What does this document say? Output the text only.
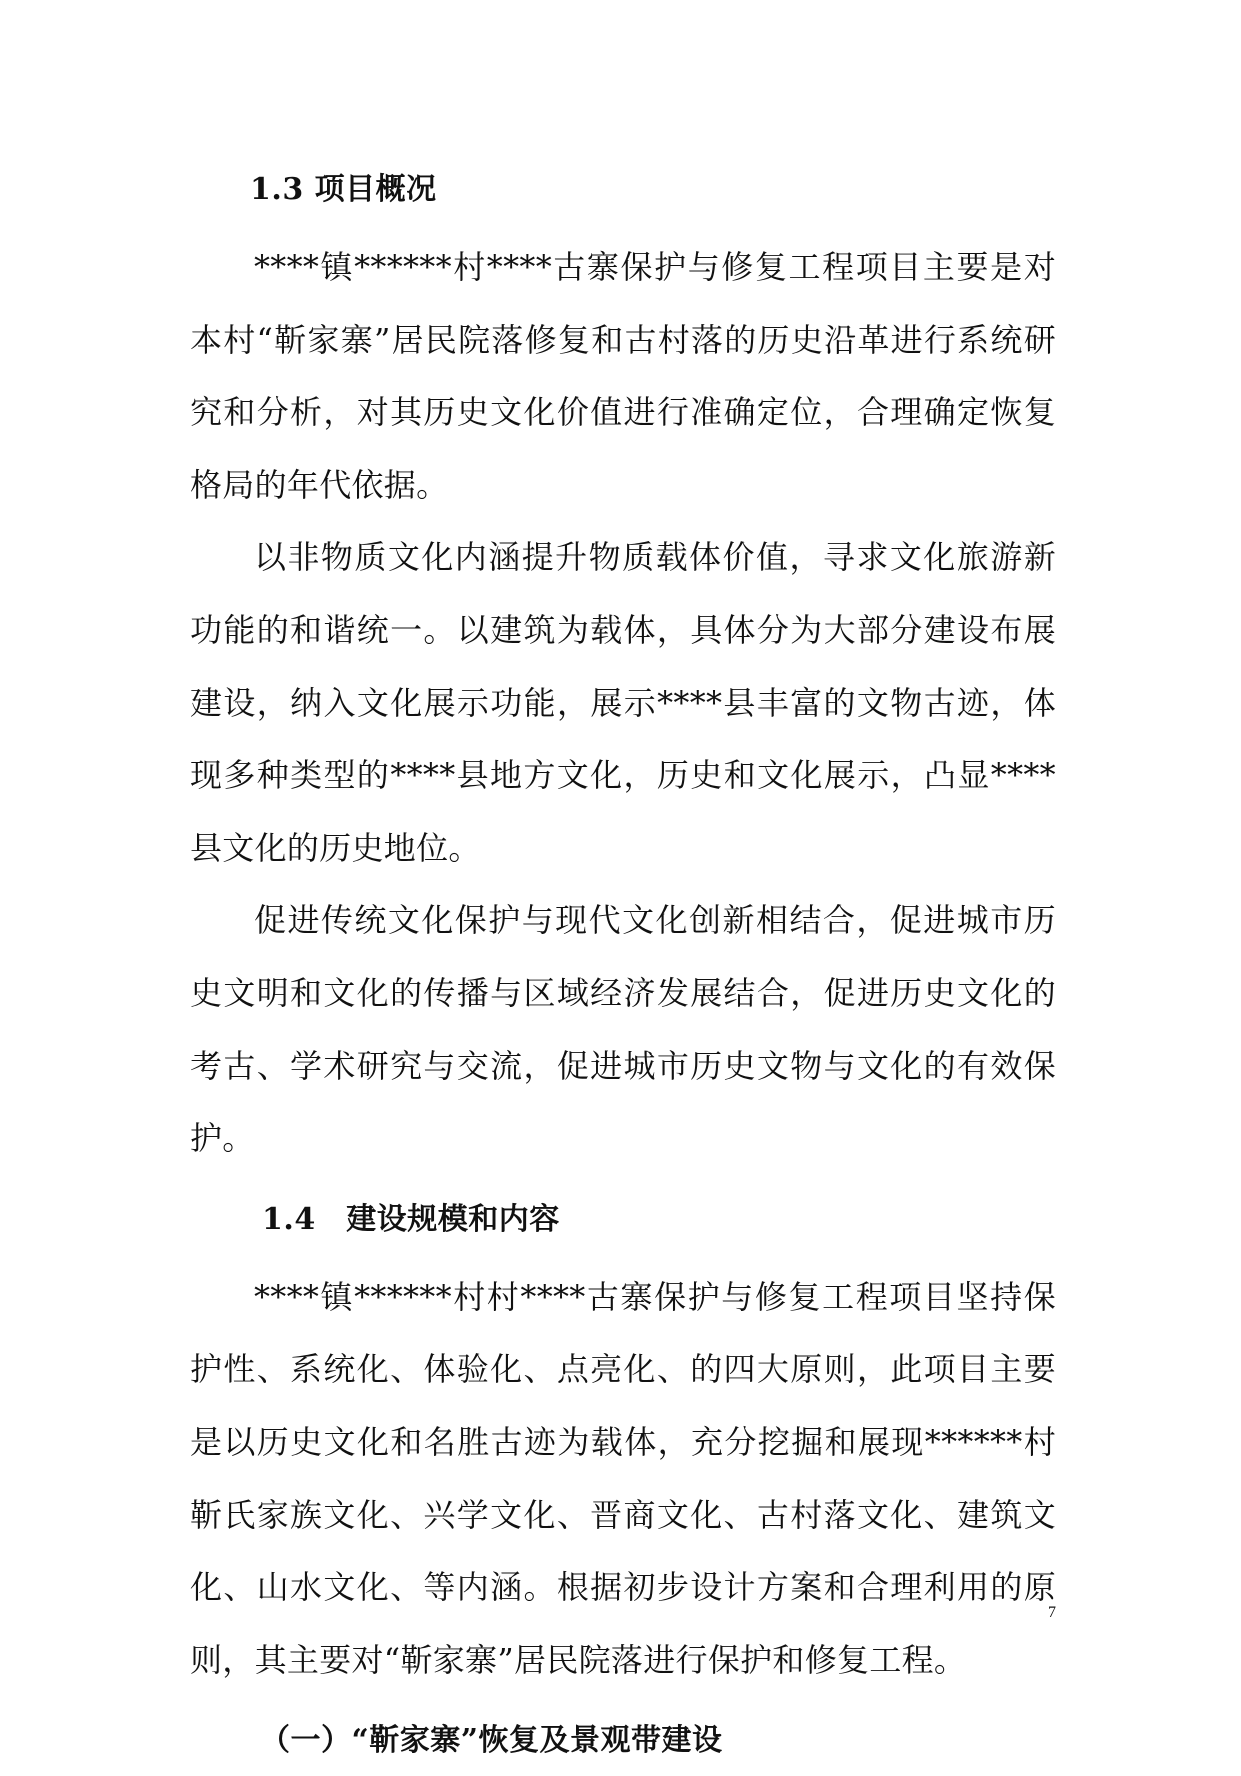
1.3 项目概况

****镇******村****古寨保护与修复工程项目主要是对本村“靳家寨”居民院落修复和古村落的历史沿革进行系统研究和分析，对其历史文化价值进行准确定位，合理确定恢复格局的年代依据。

以非物质文化内涵提升物质载体价值，寻求文化旅游新功能的和谐统一。以建筑为载体，具体分为大部分建设布展建设，纳入文化展示功能，展示****县丰富的文物古迹，体现多种类型的****县地方文化，历史和文化展示，凸显****县文化的历史地位。

促进传统文化保护与现代文化创新相结合，促进城市历史文明和文化的传播与区域经济发展结合，促进历史文化的考古、学术研究与交流，促进城市历史文物与文化的有效保护。

1.4　建设规模和内容

****镇******村村****古寨保护与修复工程项目坚持保护性、系统化、体验化、点亮化、的四大原则，此项目主要是以历史文化和名胜古迹为载体，充分挖掘和展现******村靳氏家族文化、兴学文化、晋商文化、古村落文化、建筑文化、山水文化、等内涵。根据初步设计方案和合理利用的原则，其主要对“靳家寨”居民院落进行保护和修复工程。

（一）“靳家寨”恢复及景观带建设
7
